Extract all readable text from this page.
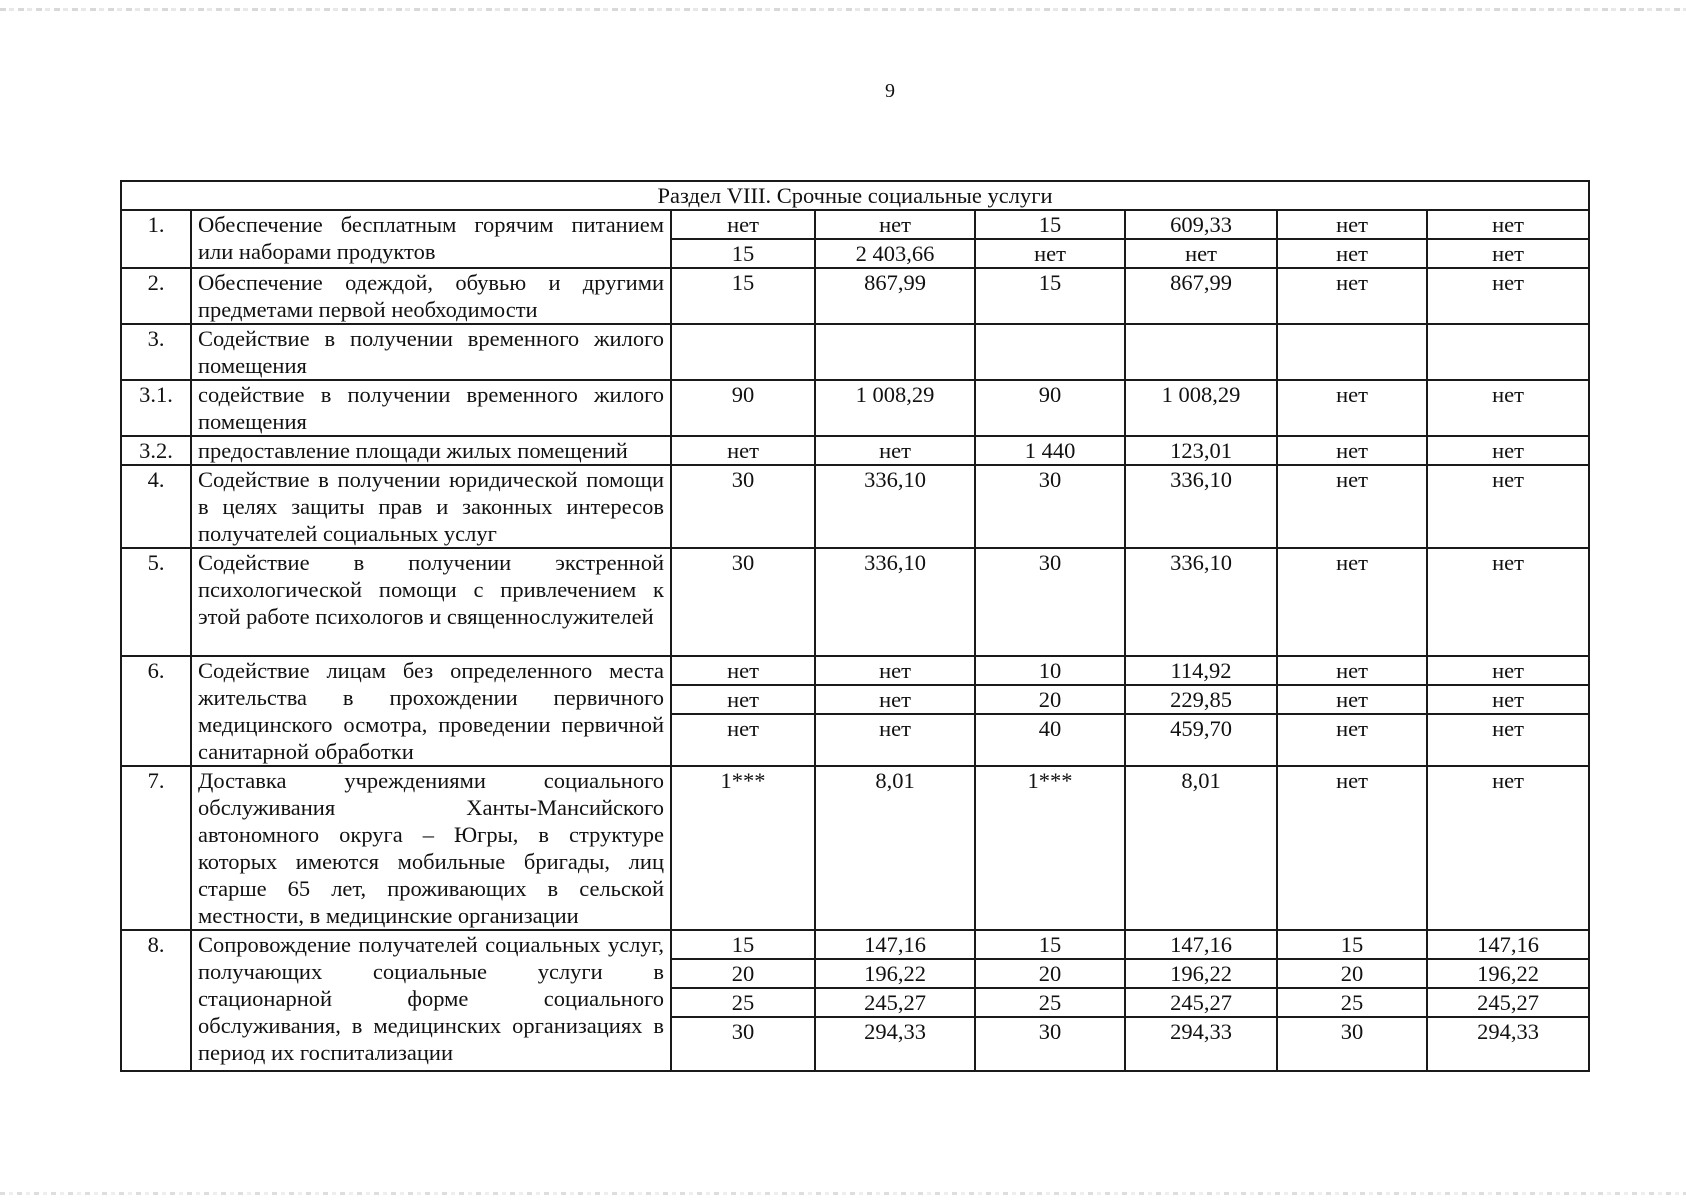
9
Раздел VIII. Срочные социальные услуги							
1.	Обеспечение бесплатным горячим питанием или наборами продуктов	нет	нет	15	609,33	нет	нет
		15	2 403,66	нет	нет	нет	нет
2.	Обеспечение одеждой, обувью и другими предметами первой необходимости	15	867,99	15	867,99	нет	нет
3.	Содействие в получении временного жилого помещения						
3.1.	содействие в получении временного жилого помещения	90	1 008,29	90	1 008,29	нет	нет
3.2.	предоставление площади жилых помещений	нет	нет	1 440	123,01	нет	нет
4.	Содействие в получении юридической помощи в целях защиты прав и законных интересов получателей социальных услуг	30	336,10	30	336,10	нет	нет
5.	Содействие в получении экстренной психологической помощи с привлечением к этой работе психологов и священнослужителей	30	336,10	30	336,10	нет	нет
6.	Содействие лицам без определенного места жительства в прохождении первичного медицинского осмотра, проведении первичной санитарной обработки	нет	нет	10	114,92	нет	нет
		нет	нет	20	229,85	нет	нет
		нет	нет	40	459,70	нет	нет
7.	Доставка учреждениями социального обслуживания Ханты-Мансийского автономного округа – Югры, в структуре которых имеются мобильные бригады, лиц старше 65 лет, проживающих в сельской местности, в медицинские организации	1***	8,01	1***	8,01	нет	нет
8.	Сопровождение получателей социальных услуг, получающих социальные услуги в стационарной форме социального обслуживания, в медицинских организациях в период их госпитализации	15	147,16	15	147,16	15	147,16
		20	196,22	20	196,22	20	196,22
		25	245,27	25	245,27	25	245,27
		30	294,33	30	294,33	30	294,33
